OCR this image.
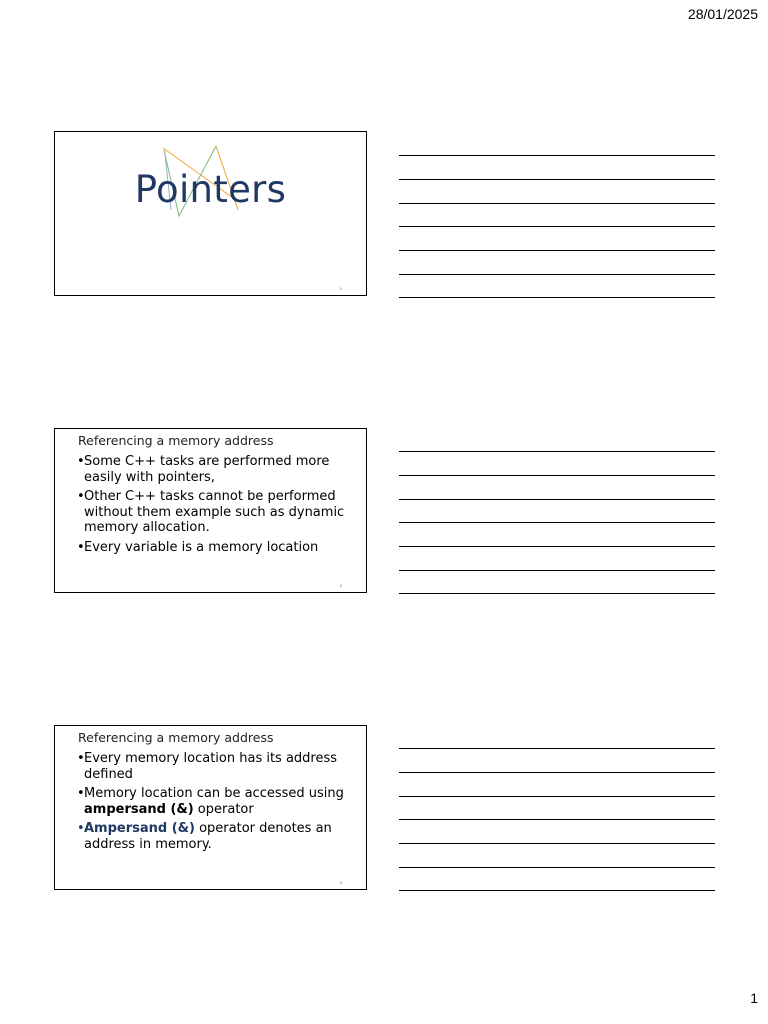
28/01/2025
Pointers
1
Referencing a memory address
• Some C++ tasks are performed more easily with pointers,
• Other C++ tasks cannot be performed without them example such as dynamic memory allocation.
• Every variable is a memory location
2
Referencing a memory address
• Every memory location has its address defined
• Memory location can be accessed using ampersand (&) operator
• Ampersand (&) operator denotes an address in memory.
3
1
